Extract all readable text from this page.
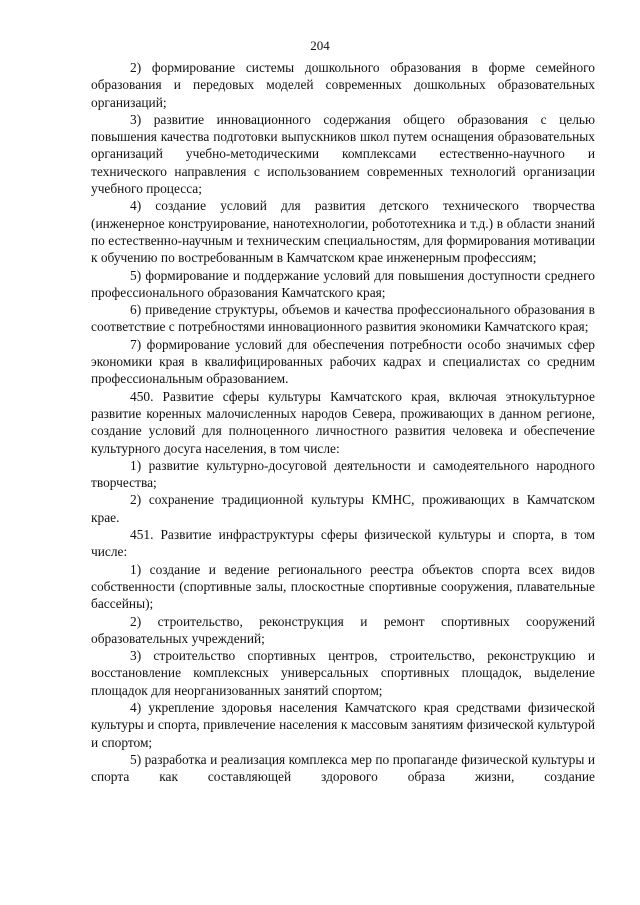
204

2) формирование системы дошкольного образования в форме семейного образования и передовых моделей современных дошкольных образовательных организаций;

3) развитие инновационного содержания общего образования с целью повышения качества подготовки выпускников школ путем оснащения образовательных организаций учебно-методическими комплексами естественно-научного и технического направления с использованием современных технологий организации учебного процесса;

4) создание условий для развития детского технического творчества (инженерное конструирование, нанотехнологии, робототехника и т.д.) в области знаний по естественно-научным и техническим специальностям, для формирования мотивации к обучению по востребованным в Камчатском крае инженерным профессиям;

5) формирование и поддержание условий для повышения доступности среднего профессионального образования Камчатского края;

6) приведение структуры, объемов и качества профессионального образования в соответствие с потребностями инновационного развития экономики Камчатского края;

7) формирование условий для обеспечения потребности особо значимых сфер экономики края в квалифицированных рабочих кадрах и специалистах со средним профессиональным образованием.

450. Развитие сферы культуры Камчатского края, включая этнокультурное развитие коренных малочисленных народов Севера, проживающих в данном регионе, создание условий для полноценного личностного развития человека и обеспечение культурного досуга населения, в том числе:

1) развитие культурно-досуговой деятельности и самодеятельного народного творчества;

2) сохранение традиционной культуры КМНС, проживающих в Камчатском крае.

451. Развитие инфраструктуры сферы физической культуры и спорта, в том числе:

1) создание и ведение регионального реестра объектов спорта всех видов собственности (спортивные залы, плоскостные спортивные сооружения, плавательные бассейны);

2) строительство, реконструкция и ремонт спортивных сооружений образовательных учреждений;

3) строительство спортивных центров, строительство, реконструкцию и восстановление комплексных универсальных спортивных площадок, выделение площадок для неорганизованных занятий спортом;

4) укрепление здоровья населения Камчатского края средствами физической культуры и спорта, привлечение населения к массовым занятиям физической культурой и спортом;

5) разработка и реализация комплекса мер по пропаганде физической культуры и спорта как составляющей здорового образа жизни, создание
